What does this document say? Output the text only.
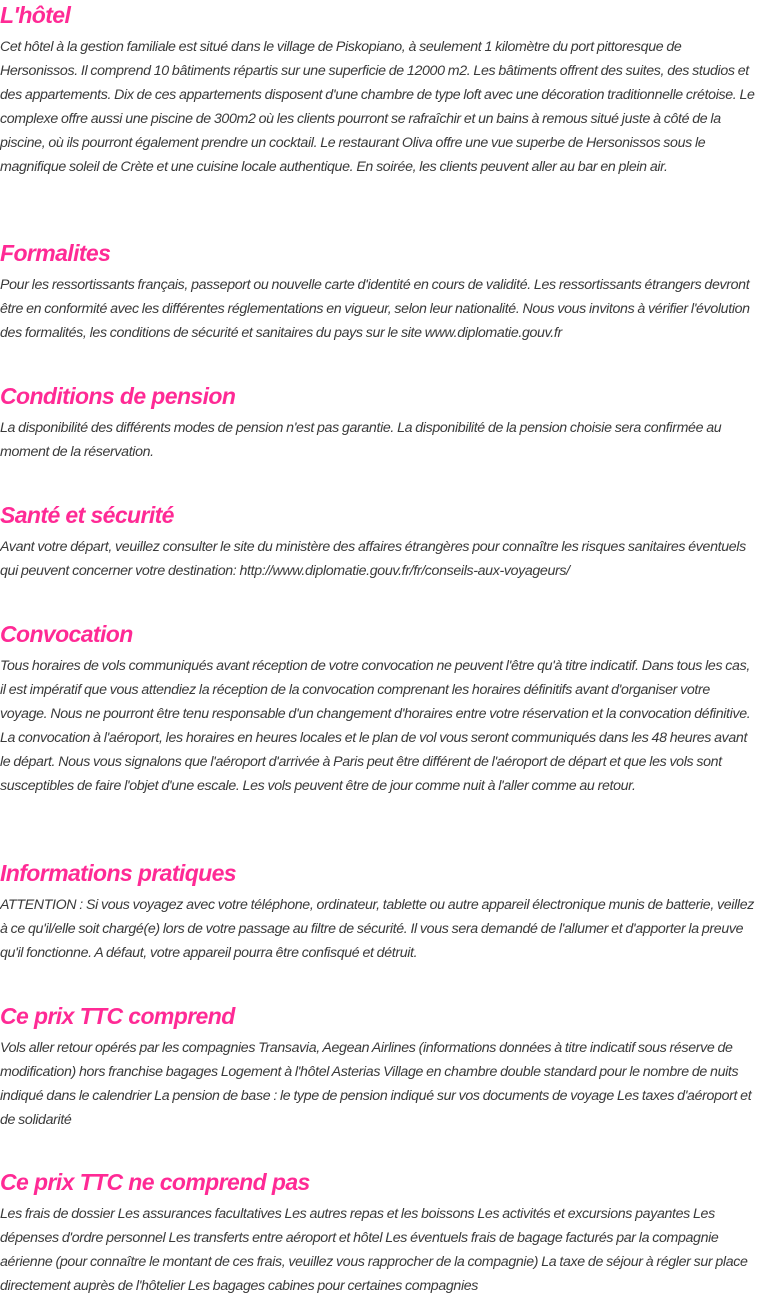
L'hôtel

Cet hôtel à la gestion familiale est situé dans le village de Piskopiano, à seulement 1 kilomètre du port pittoresque de Hersonissos. Il comprend 10 bâtiments répartis sur une superficie de 12000 m2. Les bâtiments offrent des suites, des studios et des appartements. Dix de ces appartements disposent d'une chambre de type loft avec une décoration traditionnelle crétoise. Le complexe offre aussi une piscine de 300m2 où les clients pourront se rafraîchir et un bains à remous situé juste à côté de la piscine, où ils pourront également prendre un cocktail. Le restaurant Oliva offre une vue superbe de Hersonissos sous le magnifique soleil de Crète et une cuisine locale authentique. En soirée, les clients peuvent aller au bar en plein air.

Formalites

Pour les ressortissants français, passeport ou nouvelle carte d'identité en cours de validité. Les ressortissants étrangers devront être en conformité avec les différentes réglementations en vigueur, selon leur nationalité. Nous vous invitons à vérifier l'évolution des formalités, les conditions de sécurité et sanitaires du pays sur le site www.diplomatie.gouv.fr

Conditions de pension

La disponibilité des différents modes de pension n'est pas garantie. La disponibilité de la pension choisie sera confirmée au moment de la réservation.

Santé et sécurité

Avant votre départ, veuillez consulter le site du ministère des affaires étrangères pour connaître les risques sanitaires éventuels qui peuvent concerner votre destination: http://www.diplomatie.gouv.fr/fr/conseils-aux-voyageurs/

Convocation

Tous horaires de vols communiqués avant réception de votre convocation ne peuvent l'être qu'à titre indicatif. Dans tous les cas, il est impératif que vous attendiez la réception de la convocation comprenant les horaires définitifs avant d'organiser votre voyage. Nous ne pourront être tenu responsable d'un changement d'horaires entre votre réservation et la convocation définitive. La convocation à l'aéroport, les horaires en heures locales et le plan de vol vous seront communiqués dans les 48 heures avant le départ. Nous vous signalons que l'aéroport d'arrivée à Paris peut être différent de l'aéroport de départ et que les vols sont susceptibles de faire l'objet d'une escale. Les vols peuvent être de jour comme nuit à l'aller comme au retour.

Informations pratiques

ATTENTION : Si vous voyagez avec votre téléphone, ordinateur, tablette ou autre appareil électronique munis de batterie, veillez à ce qu'il/elle soit chargé(e) lors de votre passage au filtre de sécurité. Il vous sera demandé de l'allumer et d'apporter la preuve qu'il fonctionne. A défaut, votre appareil pourra être confisqué et détruit.

Ce prix TTC comprend

Vols aller retour opérés par les compagnies Transavia, Aegean Airlines (informations données à titre indicatif sous réserve de modification) hors franchise bagages Logement à l'hôtel Asterias Village en chambre double standard pour le nombre de nuits indiqué dans le calendrier La pension de base : le type de pension indiqué sur vos documents de voyage Les taxes d'aéroport et de solidarité

Ce prix TTC ne comprend pas

Les frais de dossier Les assurances facultatives Les autres repas et les boissons Les activités et excursions payantes Les dépenses d'ordre personnel Les transferts entre aéroport et hôtel Les éventuels frais de bagage facturés par la compagnie aérienne (pour connaître le montant de ces frais, veuillez vous rapprocher de la compagnie) La taxe de séjour à régler sur place directement auprès de l'hôtelier Les bagages cabines pour certaines compagnies
